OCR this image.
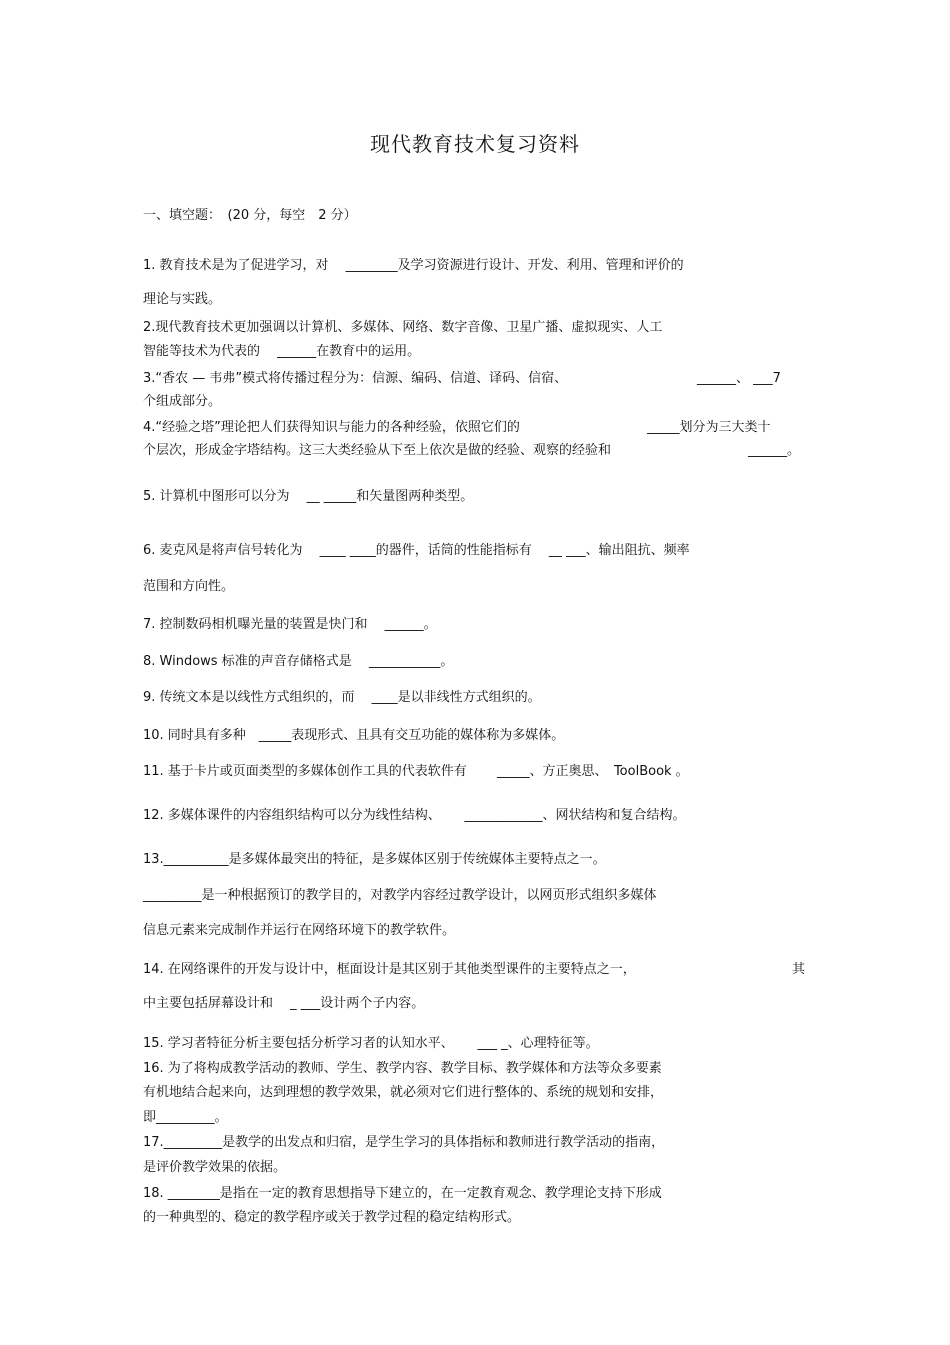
现代教育技术复习资料
一、填空题：　(20 分，每空　2 分）
1. 教育技术是为了促进学习，对　 ________及学习资源进行设计、开发、利用、管理和评价的
理论与实践。
2.现代教育技术更加强调以计算机、多媒体、网络、数字音像、卫星广播、虚拟现实、人工
智能等技术为代表的　 ______在教育中的运用。
3.“香农 — 韦弗”模式将传播过程分为：信源、编码、信道、译码、信宿、	______、 ___7
个组成部分。
4.“经验之塔”理论把人们获得知识与能力的各种经验，依照它们的	_____划分为三大类十
个层次，形成金字塔结构。这三大类经验从下至上依次是做的经验、观察的经验和	______。
5. 计算机中图形可以分为　 __ _____和矢量图两种类型。
6. 麦克风是将声信号转化为　 ____ ____的器件，话筒的性能指标有　 __ ___、输出阻抗、频率
范围和方向性。
7. 控制数码相机曝光量的装置是快门和　 ______。
8. Windows 标准的声音存储格式是　 ___________。
9. 传统文本是以线性方式组织的，而　 ____是以非线性方式组织的。
10. 同时具有多种　_____表现形式、且具有交互功能的媒体称为多媒体。
11. 基于卡片或页面类型的多媒体创作工具的代表软件有　　 _____、方正奥思、　ToolBook 。
12. 多媒体课件的内容组织结构可以分为线性结构、　　 ____________、网状结构和复合结构。
13.__________是多媒体最突出的特征，是多媒体区别于传统媒体主要特点之一。
_________是一种根据预订的教学目的，对教学内容经过教学设计，以网页形式组织多媒体
信息元素来完成制作并运行在网络环境下的教学软件。
14. 在网络课件的开发与设计中，框面设计是其区别于其他类型课件的主要特点之一，	其
中主要包括屏幕设计和　 _ ___设计两个子内容。
15. 学习者特征分析主要包括分析学习者的认知水平、　　 ___ _、心理特征等。
16. 为了将构成教学活动的教师、学生、教学内容、教学目标、教学媒体和方法等众多要素
有机地结合起来向，达到理想的教学效果，就必须对它们进行整体的、系统的规划和安排，
即_________。
17._________是教学的出发点和归宿，是学生学习的具体指标和教师进行教学活动的指南，
是评价教学效果的依据。
18. ________是指在一定的教育思想指导下建立的，在一定教育观念、教学理论支持下形成
的一种典型的、稳定的教学程序或关于教学过程的稳定结构形式。
